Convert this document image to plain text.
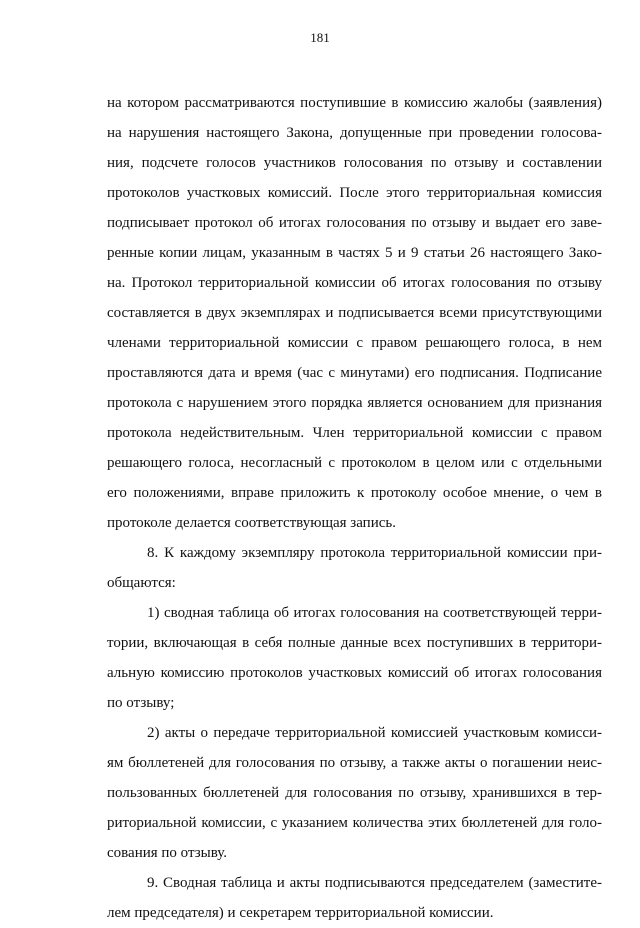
181
на котором рассматриваются поступившие в комиссию жалобы (заявления)
на нарушения настоящего Закона, допущенные при проведении голосова-
ния, подсчете голосов участников голосования по отзыву и составлении
протоколов участковых комиссий. После этого территориальная комиссия
подписывает протокол об итогах голосования по отзыву и выдает его заве-
ренные копии лицам, указанным в частях 5 и 9 статьи 26 настоящего Зако-
на. Протокол территориальной комиссии об итогах голосования по отзыву
составляется в двух экземплярах и подписывается всеми присутствующими
членами территориальной комиссии с правом решающего голоса, в нем
проставляются дата и время (час с минутами) его подписания. Подписание
протокола с нарушением этого порядка является основанием для признания
протокола недействительным. Член территориальной комиссии с правом
решающего голоса, несогласный с протоколом в целом или с отдельными
его положениями, вправе приложить к протоколу особое мнение, о чем в
протоколе делается соответствующая запись.
8. К каждому экземпляру протокола территориальной комиссии при-
общаются:
1) сводная таблица об итогах голосования на соответствующей терри-
тории, включающая в себя полные данные всех поступивших в территори-
альную комиссию протоколов участковых комиссий об итогах голосования
по отзыву;
2) акты о передаче территориальной комиссией участковым комисси-
ям бюллетеней для голосования по отзыву, а также акты о погашении неис-
пользованных бюллетеней для голосования по отзыву, хранившихся в тер-
риториальной комиссии, с указанием количества этих бюллетеней для голо-
сования по отзыву.
9. Сводная таблица и акты подписываются председателем (заместите-
лем председателя) и секретарем территориальной комиссии.
